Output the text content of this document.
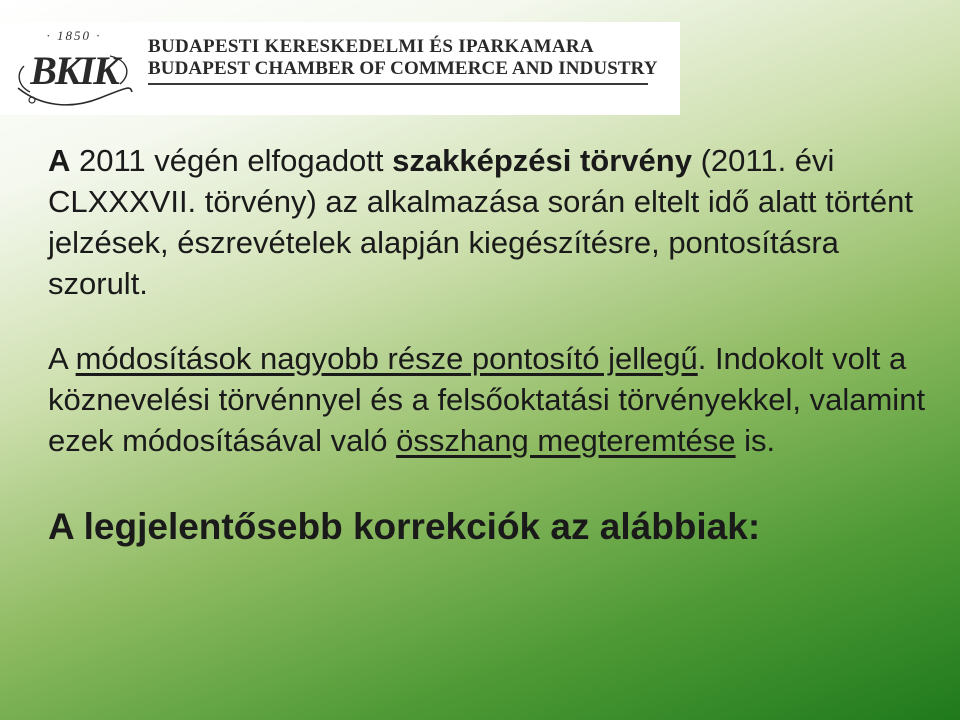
· 1850 ·
BKIK
BUDAPESTI KERESKEDELMI ÉS IPARKAMARA
BUDAPEST CHAMBER OF COMMERCE AND INDUSTRY

A 2011 végén elfogadott szakképzési törvény (2011. évi CLXXXVII. törvény) az alkalmazása során eltelt idő alatt történt jelzések, észrevételek alapján kiegészítésre, pontosításra szorult.

A módosítások nagyobb része pontosító jellegű. Indokolt volt a köznevelési törvénnyel és a felsőoktatási törvényekkel, valamint ezek módosításával való összhang megteremtése is.

A legjelentősebb korrekciók az alábbiak:
